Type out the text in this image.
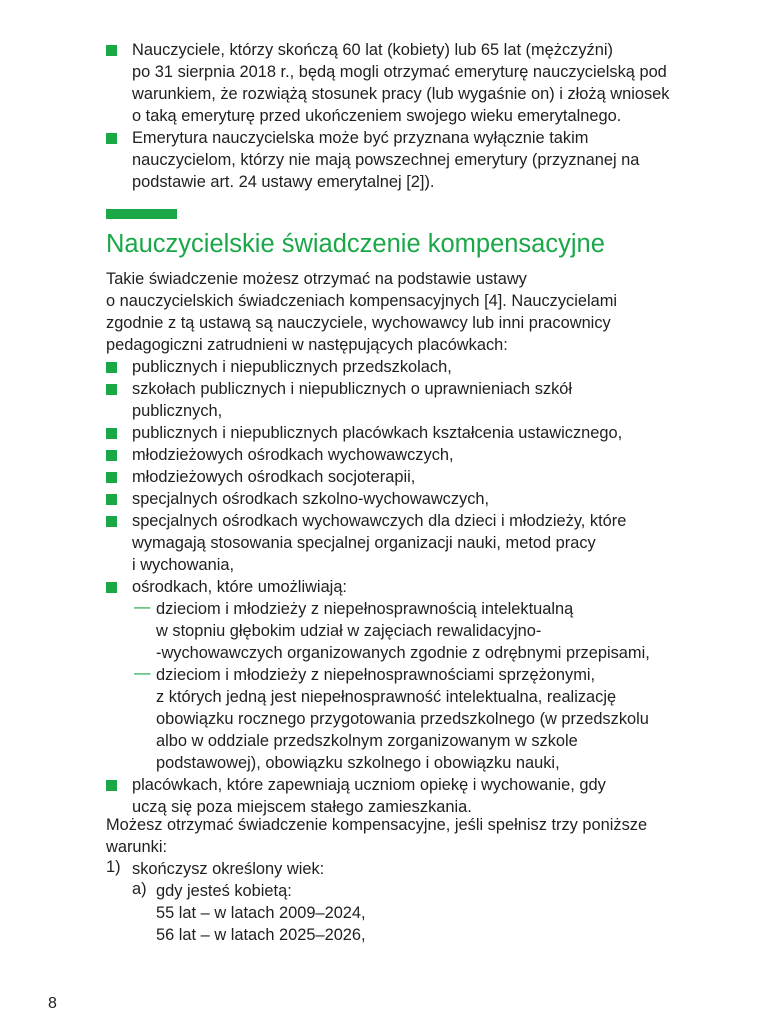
Nauczyciele, którzy skończą 60 lat (kobiety) lub 65 lat (mężczyźni)
po 31 sierpnia 2018 r., będą mogli otrzymać emeryturę nauczycielską pod
warunkiem, że rozwiążą stosunek pracy (lub wygaśnie on) i złożą wniosek
o taką emeryturę przed ukończeniem swojego wieku emerytalnego.
Emerytura nauczycielska może być przyznana wyłącznie takim
nauczycielom, którzy nie mają powszechnej emerytury (przyznanej na
podstawie art. 24 ustawy emerytalnej [2]).
Nauczycielskie świadczenie kompensacyjne
Takie świadczenie możesz otrzymać na podstawie ustawy
o nauczycielskich świadczeniach kompensacyjnych [4]. Nauczycielami
zgodnie z tą ustawą są nauczyciele, wychowawcy lub inni pracownicy
pedagogiczni zatrudnieni w następujących placówkach:
publicznych i niepublicznych przedszkolach,
szkołach publicznych i niepublicznych o uprawnieniach szkół
publicznych,
publicznych i niepublicznych placówkach kształcenia ustawicznego,
młodzieżowych ośrodkach wychowawczych,
młodzieżowych ośrodkach socjoterapii,
specjalnych ośrodkach szkolno-wychowawczych,
specjalnych ośrodkach wychowawczych dla dzieci i młodzieży, które
wymagają stosowania specjalnej organizacji nauki, metod pracy
i wychowania,
ośrodkach, które umożliwiają:
— dzieciom i młodzieży z niepełnosprawnością intelektualną
w stopniu głębokim udział w zajęciach rewalidacyjno-
-wychowawczych organizowanych zgodnie z odrębnymi przepisami,
— dzieciom i młodzieży z niepełnosprawnościami sprzężonymi,
z których jedną jest niepełnosprawność intelektualna, realizację
obowiązku rocznego przygotowania przedszkolnego (w przedszkolu
albo w oddziale przedszkolnym zorganizowanym w szkole
podstawowej), obowiązku szkolnego i obowiązku nauki,
placówkach, które zapewniają uczniom opiekę i wychowanie, gdy
uczą się poza miejscem stałego zamieszkania.
Możesz otrzymać świadczenie kompensacyjne, jeśli spełnisz trzy poniższe
warunki:
1) skończysz określony wiek:
a) gdy jesteś kobietą:
55 lat – w latach 2009–2024,
56 lat – w latach 2025–2026,
8
